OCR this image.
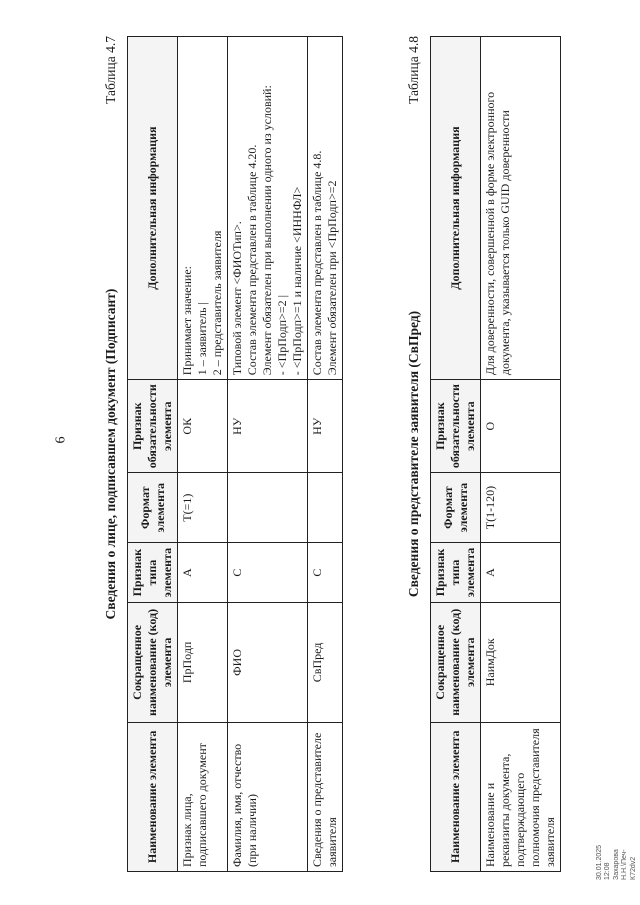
6	Сведения о лице, подписавшем документ (Подписант)
Таблица 4.7
Наименование элемента	Сокращенное наименование (код) элемента	Признак типа элемента	Формат элемента	Признак обязательности элемента	Дополнительная информация
Признак лица, подписавшего документ	ПрПодп	А	T(=1)	ОК	Принимает значение:
1 – заявитель |
2 – представитель заявителя
Фамилия, имя, отчество (при наличии)	ФИО	С		НУ	Типовой элемент <ФИОТип>.
Состав элемента представлен в таблице 4.20.
Элемент обязателен при выполнении одного из условий:
- <ПрПодп>=2 |
- <ПрПодп>=1 и наличие <ИННФЛ>
Сведения о представителе заявителя	СвПред	С		НУ	Состав элемента представлен в таблице 4.8.
Элемент обязателен при <ПрПодп>=2
Сведения о представителе заявителя (СвПред)
Таблица 4.8
Наименование элемента	Сокращенное наименование (код) элемента	Признак типа элемента	Формат элемента	Признак обязательности элемента	Дополнительная информация
Наименование и реквизиты документа, подтверждающего полномочия представителя заявителя	НаимДок	А	T(1-120)	О	Для доверенности, совершенной в форме электронного документа, указывается только GUID доверенности
30.01.2025 12:08 Захарова Н.Н.\Печ-К72dv2
